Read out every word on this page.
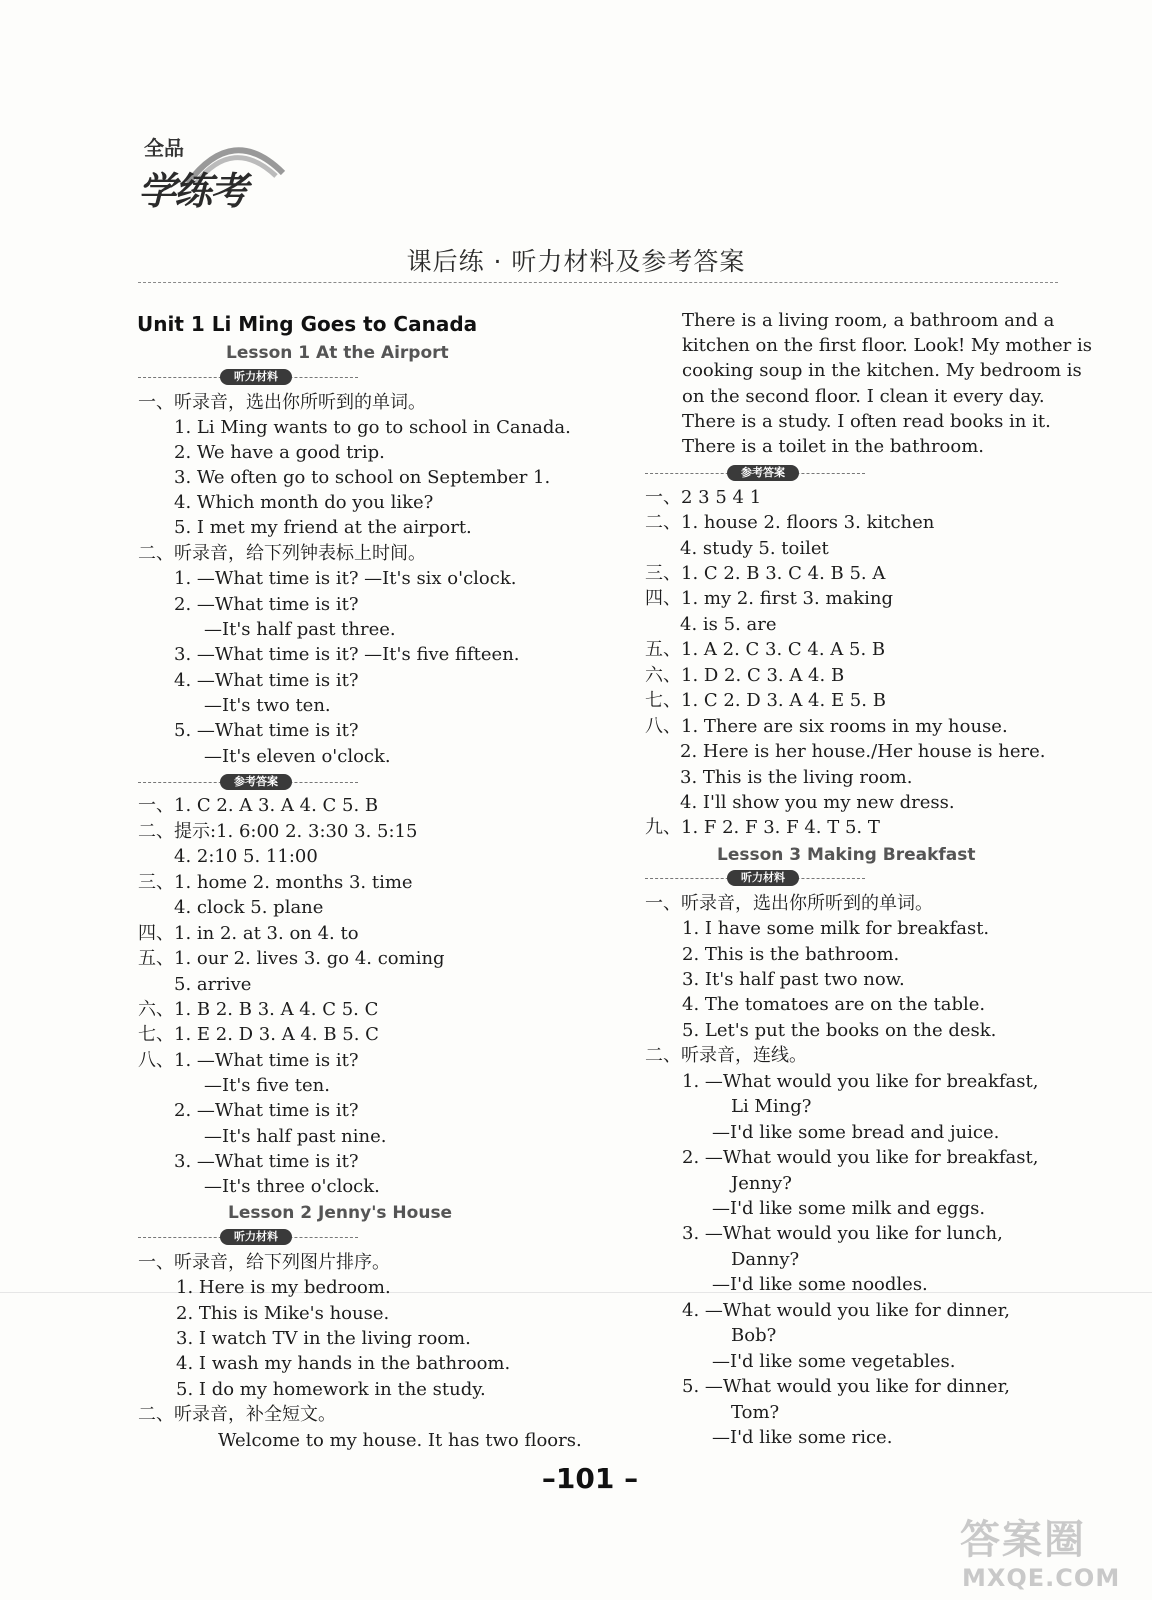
全品
学练考
课后练 · 听力材料及参考答案
Unit 1 Li Ming Goes to Canada
Lesson 1 At the Airport
听力材料
一、听录音，选出你所听到的单词。
1. Li Ming wants to go to school in Canada.
2. We have a good trip.
3. We often go to school on September 1.
4. Which month do you like?
5. I met my friend at the airport.
二、听录音，给下列钟表标上时间。
1. —What time is it? —It's six o'clock.
2. —What time is it?
—It's half past three.
3. —What time is it? —It's five fifteen.
4. —What time is it?
—It's two ten.
5. —What time is it?
—It's eleven o'clock.
参考答案
一、1. C 2. A 3. A 4. C 5. B
二、提示:1. 6:00 2. 3:30 3. 5:15
4. 2:10 5. 11:00
三、1. home 2. months 3. time
4. clock 5. plane
四、1. in 2. at 3. on 4. to
五、1. our 2. lives 3. go 4. coming
5. arrive
六、1. B 2. B 3. A 4. C 5. C
七、1. E 2. D 3. A 4. B 5. C
八、1. —What time is it?
—It's five ten.
2. —What time is it?
—It's half past nine.
3. —What time is it?
—It's three o'clock.
Lesson 2 Jenny's House
听力材料
一、听录音，给下列图片排序。
1. Here is my bedroom.
2. This is Mike's house.
3. I watch TV in the living room.
4. I wash my hands in the bathroom.
5. I do my homework in the study.
二、听录音，补全短文。
Welcome to my house. It has two floors.
There is a living room, a bathroom and a
kitchen on the first floor. Look! My mother is
cooking soup in the kitchen. My bedroom is
on the second floor. I clean it every day.
There is a study. I often read books in it.
There is a toilet in the bathroom.
参考答案
一、2 3 5 4 1
二、1. house 2. floors 3. kitchen
4. study 5. toilet
三、1. C 2. B 3. C 4. B 5. A
四、1. my 2. first 3. making
4. is 5. are
五、1. A 2. C 3. C 4. A 5. B
六、1. D 2. C 3. A 4. B
七、1. C 2. D 3. A 4. E 5. B
八、1. There are six rooms in my house.
2. Here is her house./Her house is here.
3. This is the living room.
4. I'll show you my new dress.
九、1. F 2. F 3. F 4. T 5. T
Lesson 3 Making Breakfast
听力材料
一、听录音，选出你所听到的单词。
1. I have some milk for breakfast.
2. This is the bathroom.
3. It's half past two now.
4. The tomatoes are on the table.
5. Let's put the books on the desk.
二、听录音，连线。
1. —What would you like for breakfast,
Li Ming?
—I'd like some bread and juice.
2. —What would you like for breakfast,
Jenny?
—I'd like some milk and eggs.
3. —What would you like for lunch,
Danny?
—I'd like some noodles.
4. —What would you like for dinner,
Bob?
—I'd like some vegetables.
5. —What would you like for dinner,
Tom?
—I'd like some rice.
–101 –
答案圈
MXQE.COM
